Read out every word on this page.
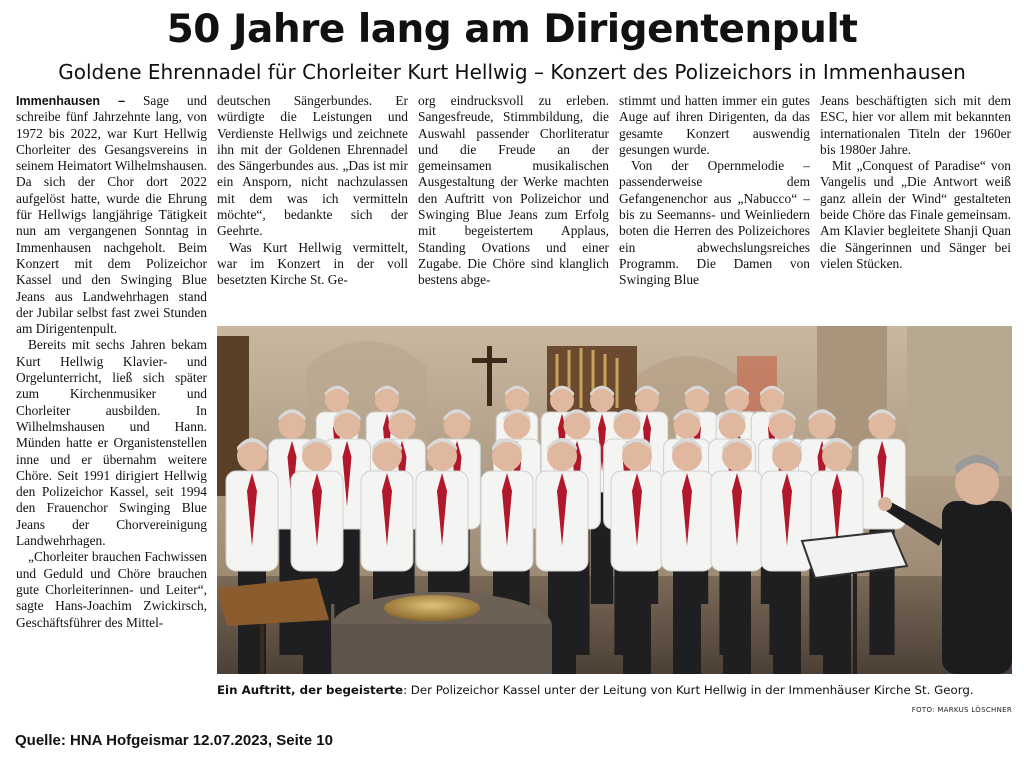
50 Jahre lang am Dirigentenpult
Goldene Ehrennadel für Chorleiter Kurt Hellwig – Konzert des Polizeichors in Immenhausen

Immenhausen – Sage und schreibe fünf Jahrzehnte lang, von 1972 bis 2022, war Kurt Hellwig Chorleiter des Gesangsvereins in seinem Heimatort Wilhelmshausen. Da sich der Chor dort 2022 aufgelöst hatte, wurde die Ehrung für Hellwigs langjährige Tätigkeit nun am vergangenen Sonntag in Immenhausen nachgeholt. Beim Konzert mit dem Polizeichor Kassel und den Swinging Blue Jeans aus Landwehrhagen stand der Jubilar selbst fast zwei Stunden am Dirigentenpult.

Bereits mit sechs Jahren bekam Kurt Hellwig Klavier- und Orgelunterricht, ließ sich später zum Kirchenmusiker und Chorleiter ausbilden. In Wilhelmshausen und Hann. Münden hatte er Organistenstellen inne und er übernahm weitere Chöre. Seit 1991 dirigiert Hellwig den Polizeichor Kassel, seit 1994 den Frauenchor Swinging Blue Jeans der Chorvereinigung Landwehrhagen.

„Chorleiter brauchen Fachwissen und Geduld und Chöre brauchen gute Chorleiterinnen- und Leiter“, sagte Hans-Joachim Zwickirsch, Geschäftsführer des Mittel-

deutschen Sängerbundes. Er würdigte die Leistungen und Verdienste Hellwigs und zeichnete ihn mit der Goldenen Ehrennadel des Sängerbundes aus. „Das ist mir ein Ansporn, nicht nachzulassen mit dem was ich vermitteln möchte“, bedankte sich der Geehrte.

Was Kurt Hellwig vermittelt, war im Konzert in der voll besetzten Kirche St. Ge-

org eindrucksvoll zu erleben. Sangesfreude, Stimmbildung, die Auswahl passender Chorliteratur und die Freude an der gemeinsamen musikalischen Ausgestaltung der Werke machten den Auftritt von Polizeichor und Swinging Blue Jeans zum Erfolg mit begeistertem Applaus, Standing Ovations und einer Zugabe. Die Chöre sind klanglich bestens abge-

stimmt und hatten immer ein gutes Auge auf ihren Dirigenten, da das gesamte Konzert auswendig gesungen wurde.

Von der Opernmelodie – passenderweise dem Gefangenenchor aus „Nabucco“ – bis zu Seemanns- und Weinliedern boten die Herren des Polizeichores ein abwechslungsreiches Programm. Die Damen von Swinging Blue

Jeans beschäftigten sich mit dem ESC, hier vor allem mit bekannten internationalen Titeln der 1960er bis 1980er Jahre.

Mit „Conquest of Paradise“ von Vangelis und „Die Antwort weiß ganz allein der Wind“ gestalteten beide Chöre das Finale gemeinsam. Am Klavier begleitete Shanji Quan die Sängerinnen und Sänger bei vielen Stücken.

Ein Auftritt, der begeisterte: Der Polizeichor Kassel unter der Leitung von Kurt Hellwig in der Immenhäuser Kirche St. Georg.
FOTO: MARKUS LÖSCHNER
Quelle: HNA Hofgeismar 12.07.2023, Seite 10
